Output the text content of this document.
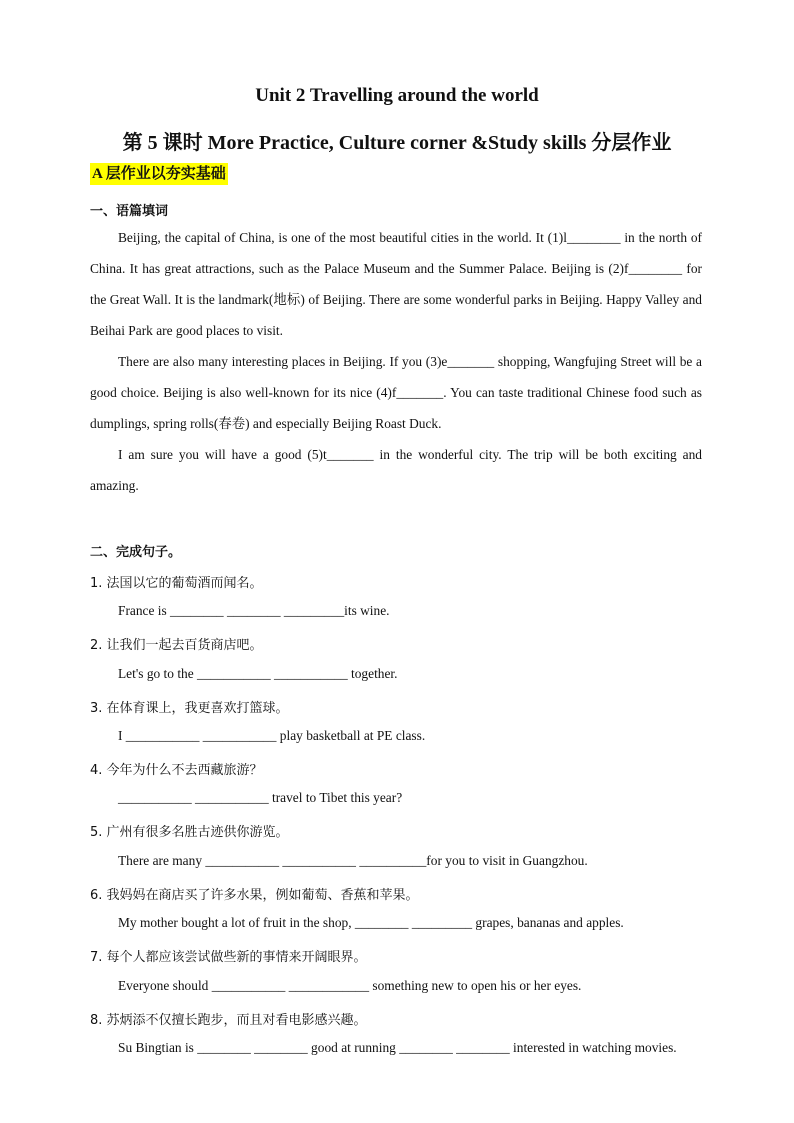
Unit 2 Travelling around the world
第 5 课时 More Practice, Culture corner &Study skills 分层作业
A 层作业以夯实基础
一、语篇填词

Beijing, the capital of China, is one of the most beautiful cities in the world. It (1)l________ in the north of China. It has great attractions, such as the Palace Museum and the Summer Palace. Beijing is (2)f________ for the Great Wall. It is the landmark(地标) of Beijing. There are some wonderful parks in Beijing. Happy Valley and Beihai Park are good places to visit.

There are also many interesting places in Beijing. If you (3)e_______ shopping, Wangfujing Street will be a good choice. Beijing is also well-known for its nice (4)f_______. You can taste traditional Chinese food such as dumplings, spring rolls(春卷) and especially Beijing Roast Duck.

I am sure you will have a good (5)t_______ in the wonderful city. The trip will be both exciting and amazing.

二、完成句子。
1. 法国以它的葡萄酒而闻名。
France is ________ ________ _________its wine.
2. 让我们一起去百货商店吧。
Let's go to the ___________ ___________ together.
3. 在体育课上，我更喜欢打篮球。
I ___________ ___________ play basketball at PE class.
4. 今年为什么不去西藏旅游？
___________ ___________ travel to Tibet this year?
5. 广州有很多名胜古迹供你游览。
There are many ___________ ___________ __________for you to visit in Guangzhou.
6. 我妈妈在商店买了许多水果，例如葡萄、香蕉和苹果。
My mother bought a lot of fruit in the shop, ________ _________ grapes, bananas and apples.
7. 每个人都应该尝试做些新的事情来开阔眼界。
Everyone should ___________ ____________ something new to open his or her eyes.
8. 苏炳添不仅擅长跑步，而且对看电影感兴趣。
Su Bingtian is ________ ________ good at running ________ ________ interested in watching movies.
